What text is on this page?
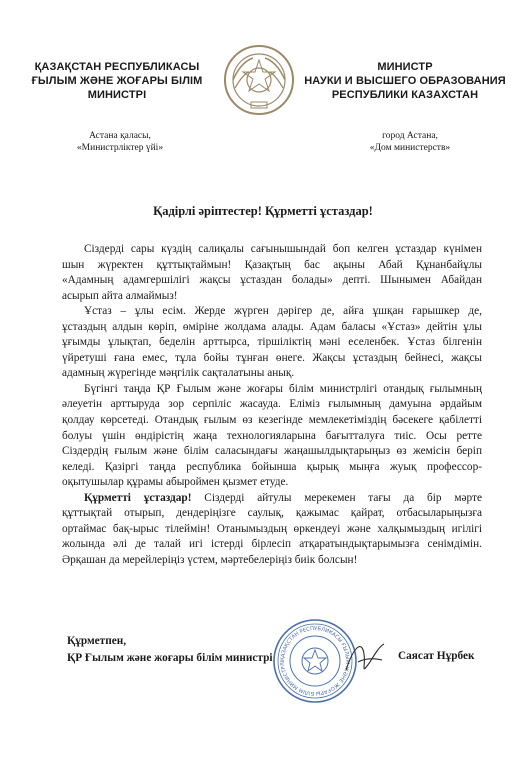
ҚАЗАҚСТАН РЕСПУБЛИКАСЫ
ҒЫЛЫМ ЖӘНЕ ЖОҒАРЫ БІЛІМ
МИНИСТРІ
МИНИСТР
НАУКИ И ВЫСШЕГО ОБРАЗОВАНИЯ
РЕСПУБЛИКИ КАЗАХСТАН
Астана қаласы,
«Министрліктер үйі»
город Астана,
«Дом министерств»
Қадірлі әріптестер! Құрметті ұстаздар!
Сіздерді сары күздің салиқалы сағынышындай боп келген ұстаздар күнімен
шын жүректен құттықтаймын! Қазақтың бас ақыны Абай Құнанбайұлы
«Адамның адамгершілігі жақсы ұстаздан болады» депті. Шынымен Абайдан
асырып айта алмаймыз!
Ұстаз – ұлы есім. Жерде жүрген дәрігер де, айға ұшқан ғарышкер де,
ұстаздың алдын көріп, өміріне жолдама алады. Адам баласы «Ұстаз» дейтін ұлы
ұғымды ұлықтап, беделін арттырса, тіршіліктің мәні еселенбек. Ұстаз білгенін
үйретуші ғана емес, тұла бойы тұнған өнеге. Жақсы ұстаздың бейнесі, жақсы
адамның жүрегінде мәңгілік сақталатыны анық.
Бүгінгі таңда ҚР Ғылым және жоғары білім министрлігі отандық ғылымның
әлеуетін арттыруда зор серпіліс жасауда. Еліміз ғылымның дамуына әрдайым
қолдау көрсетеді. Отандық ғылым өз кезегінде мемлекетіміздің бәсекеге қабілетті
болуы үшін өндірістің жаңа технологияларына бағытталуға тиіс. Осы ретте
Сіздердің ғылым және білім саласындағы жаңашылдықтарыңыз өз жемісін беріп
келеді. Қазіргі таңда республика бойынша қырық мыңға жуық профессор-
оқытушылар құрамы абыроймен қызмет етуде.
Құрметті ұстаздар! Сіздерді айтулы мерекемен тағы да бір мәрте
құттықтай отырып, дендеріңізге саулық, қажымас қайрат, отбасыларыңызға
ортаймас бақ-ырыс тілеймін! Отанымыздың өркендеуі және халқымыздың игілігі
жолында әлі де талай игі істерді бірлесіп атқаратындықтарымызға сенімдімін.
Әрқашан да мерейлеріңіз үстем, мәртебелеріңіз биік болсын!
ҚАЗАҚСТАН РЕСПУБЛИКАСЫ ҒЫЛЫМ ЖӘНЕ ЖОҒАРЫ БІЛІМ МИНИСТРЛІ
Құрметпен,
ҚР Ғылым және жоғары білім министрі	Саясат Нұрбек
